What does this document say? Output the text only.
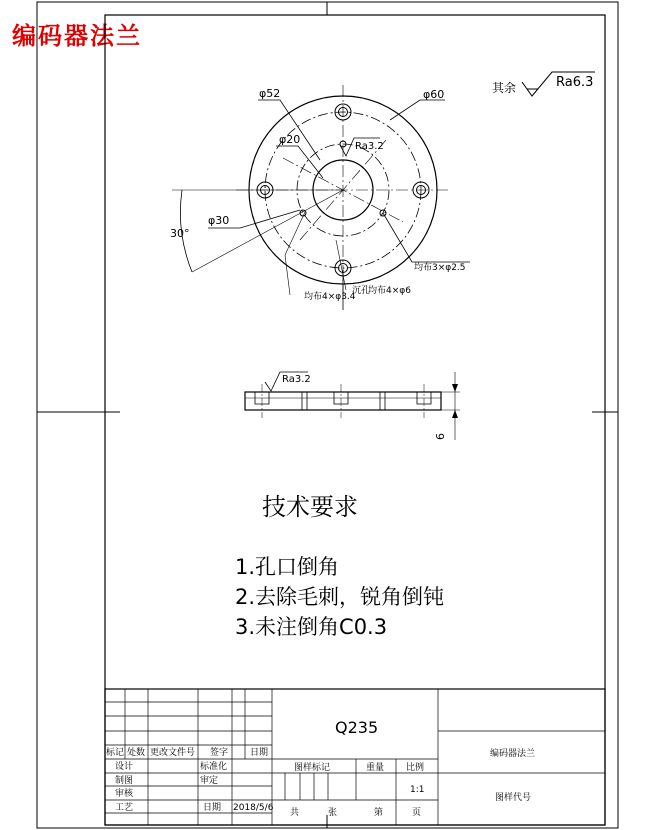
编码器法兰
其余	Ra6.3
φ52	φ60
φ20
Ra3.2
φ30
30°
均布3×φ2.5
均布4×φ3.4
沉孔
均布4×φ6
Ra3.2
6
技术要求
1.孔口倒角
2.去除毛刺，锐角倒钝
3.未注倒角C0.3
Q235
编码器法兰
图样代号
标记 处数 更改文件号 签字 日期
设计	标准化
制图	审定
审核
工艺	日期 2018/5/6
图样标记	重量 比例
1:1
共	张	第	页
